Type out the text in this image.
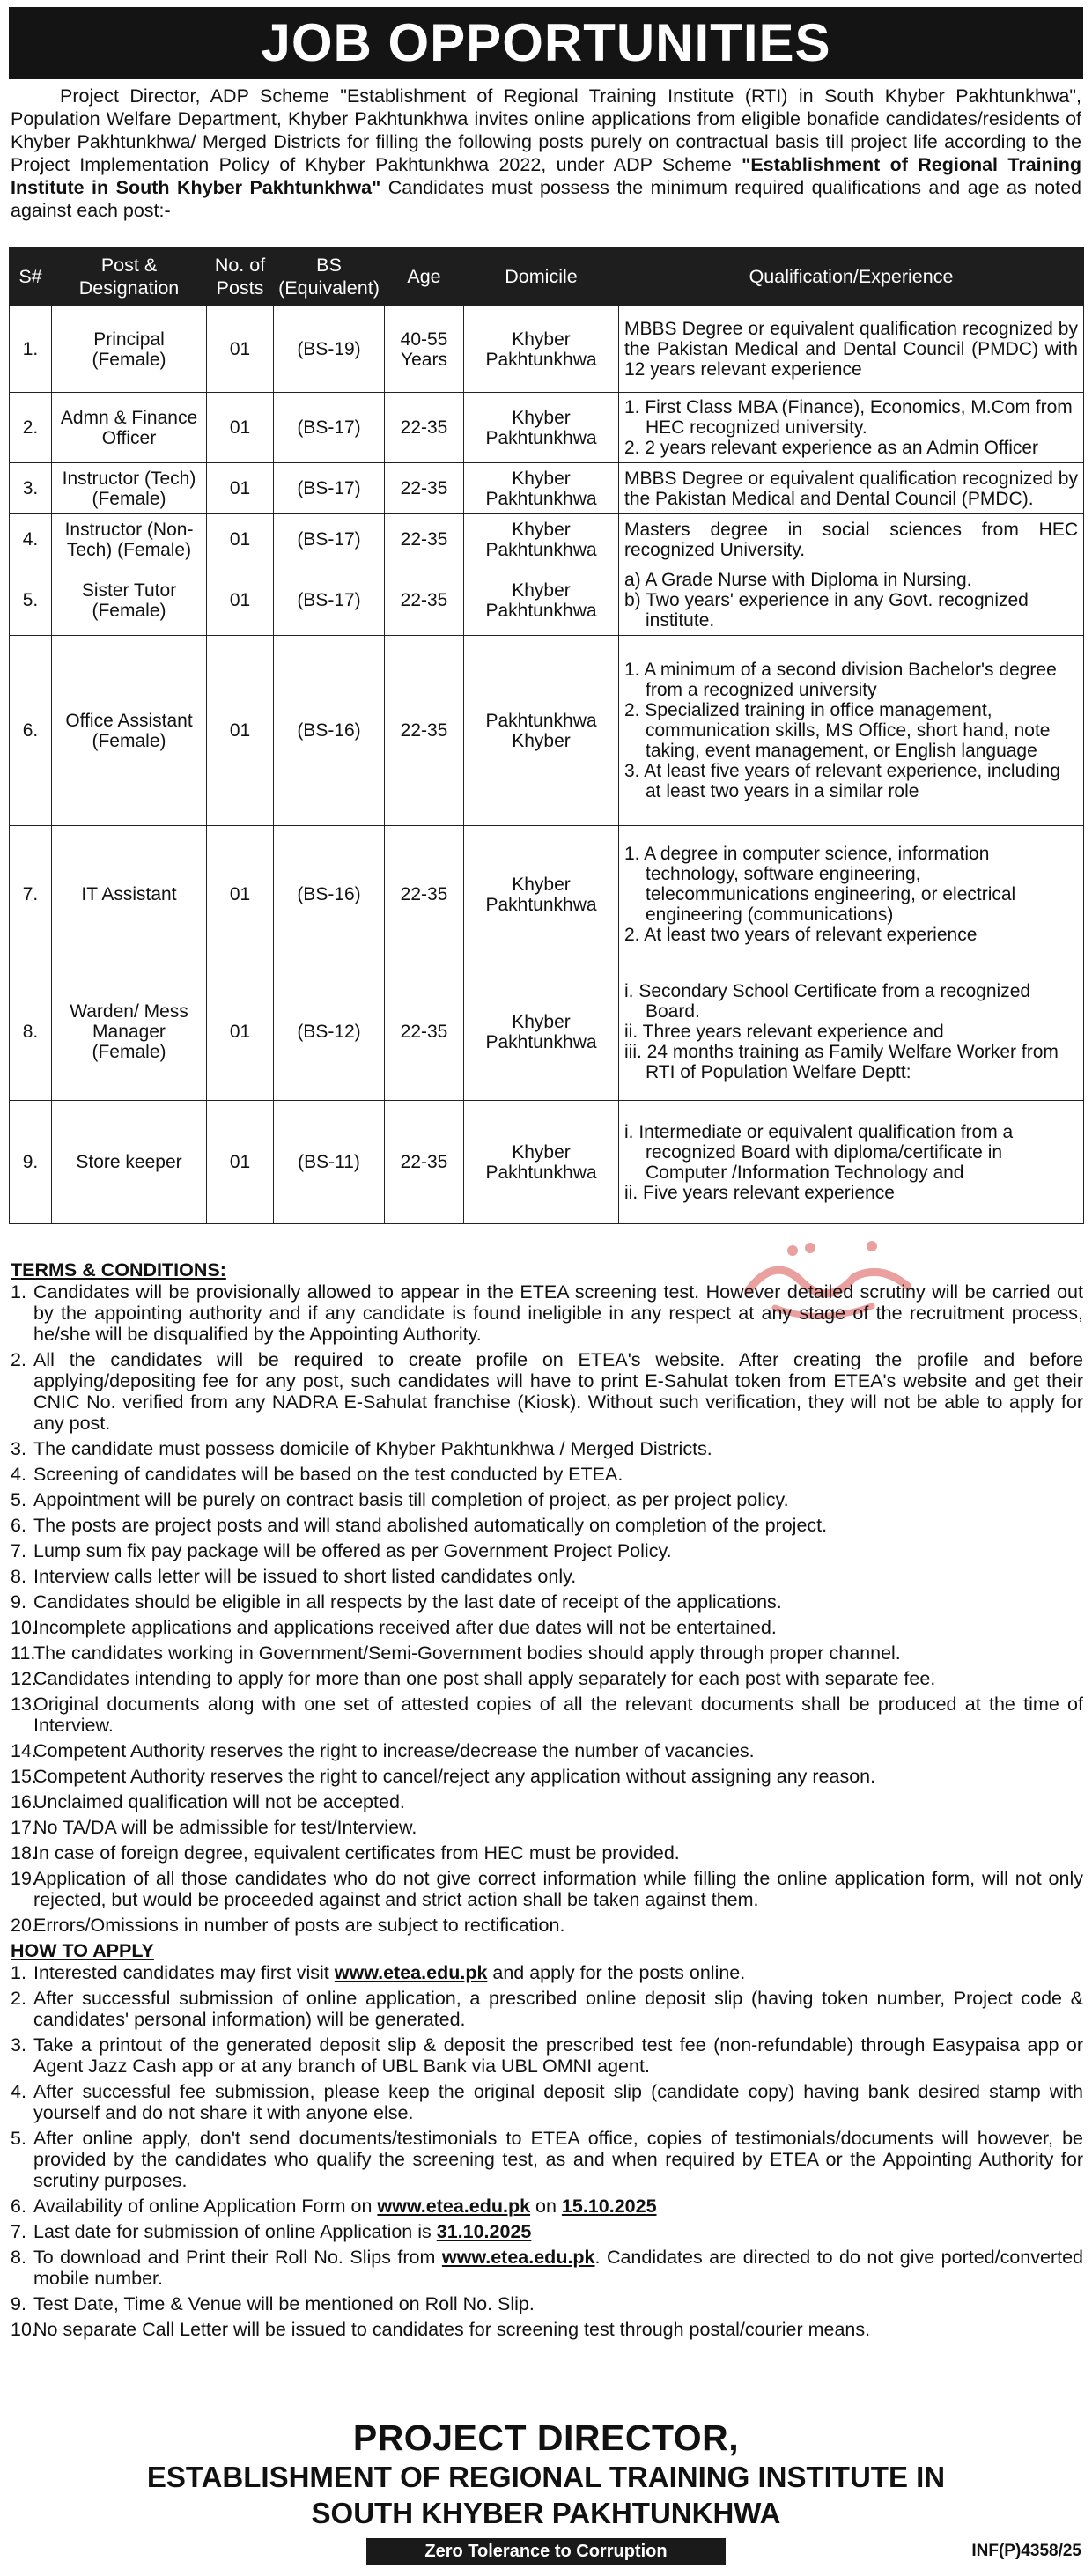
JOB OPPORTUNITIES
Project Director, ADP Scheme "Establishment of Regional Training Institute (RTI) in South Khyber Pakhtunkhwa", Population Welfare Department, Khyber Pakhtunkhwa invites online applications from eligible bonafide candidates/residents of Khyber Pakhtunkhwa/ Merged Districts for filling the following posts purely on contractual basis till project life according to the Project Implementation Policy of Khyber Pakhtunkhwa 2022, under ADP Scheme "Establishment of Regional Training Institute in South Khyber Pakhtunkhwa" Candidates must possess the minimum required qualifications and age as noted against each post:-
S#	Post & Designation	No. of Posts	BS (Equivalent)	Age	Domicile	Qualification/Experience
1.	Principal (Female)	01	(BS-19)	40-55 Years	Khyber Pakhtunkhwa	MBBS Degree or equivalent qualification recognized by the Pakistan Medical and Dental Council (PMDC) with 12 years relevant experience

2.	Admn & Finance Officer	01	(BS-17)	22-35	Khyber Pakhtunkhwa	1. First Class MBA (Finance), Economics, M.Com from HEC recognized university.
2. 2 years relevant experience as an Admin Officer

3.	Instructor (Tech) (Female)	01	(BS-17)	22-35	Khyber Pakhtunkhwa	MBBS Degree or equivalent qualification recognized by the Pakistan Medical and Dental Council (PMDC).

4.	Instructor (Non-Tech) (Female)	01	(BS-17)	22-35	Khyber Pakhtunkhwa	Masters degree in social sciences from HEC recognized University.

5.	Sister Tutor (Female)	01	(BS-17)	22-35	Khyber Pakhtunkhwa	a) A Grade Nurse with Diploma in Nursing.
b) Two years' experience in any Govt. recognized institute.

6.	Office Assistant (Female)	01	(BS-16)	22-35	Pakhtunkhwa Khyber	1. A minimum of a second division Bachelor's degree from a recognized university
2. Specialized training in office management, communication skills, MS Office, short hand, note taking, event management, or English language
3. At least five years of relevant experience, including at least two years in a similar role

7.	IT Assistant	01	(BS-16)	22-35	Khyber Pakhtunkhwa	1. A degree in computer science, information technology, software engineering, telecommunications engineering, or electrical engineering (communications)
2. At least two years of relevant experience

8.	Warden/ Mess Manager (Female)	01	(BS-12)	22-35	Khyber Pakhtunkhwa	i. Secondary School Certificate from a recognized Board.
ii. Three years relevant experience and
iii. 24 months training as Family Welfare Worker from RTI of Population Welfare Deptt:

9.	Store keeper	01	(BS-11)	22-35	Khyber Pakhtunkhwa	i. Intermediate or equivalent qualification from a recognized Board with diploma/certificate in Computer /Information Technology and
ii. Five years relevant experience
TERMS & CONDITIONS:
1. Candidates will be provisionally allowed to appear in the ETEA screening test. However detailed scrutiny will be carried out by the appointing authority and if any candidate is found ineligible in any respect at any stage of the recruitment process, he/she will be disqualified by the Appointing Authority.
2. All the candidates will be required to create profile on ETEA's website. After creating the profile and before applying/depositing fee for any post, such candidates will have to print E-Sahulat token from ETEA's website and get their CNIC No. verified from any NADRA E-Sahulat franchise (Kiosk). Without such verification, they will not be able to apply for any post.
3. The candidate must possess domicile of Khyber Pakhtunkhwa / Merged Districts.
4. Screening of candidates will be based on the test conducted by ETEA.
5. Appointment will be purely on contract basis till completion of project, as per project policy.
6. The posts are project posts and will stand abolished automatically on completion of the project.
7. Lump sum fix pay package will be offered as per Government Project Policy.
8. Interview calls letter will be issued to short listed candidates only.
9. Candidates should be eligible in all respects by the last date of receipt of the applications.
10.Incomplete applications and applications received after due dates will not be entertained.
11.The candidates working in Government/Semi-Government bodies should apply through proper channel.
12.Candidates intending to apply for more than one post shall apply separately for each post with separate fee.
13.Original documents along with one set of attested copies of all the relevant documents shall be produced at the time of Interview.
14.Competent Authority reserves the right to increase/decrease the number of vacancies.
15.Competent Authority reserves the right to cancel/reject any application without assigning any reason.
16.Unclaimed qualification will not be accepted.
17.No TA/DA will be admissible for test/Interview.
18.In case of foreign degree, equivalent certificates from HEC must be provided.
19.Application of all those candidates who do not give correct information while filling the online application form, will not only rejected, but would be proceeded against and strict action shall be taken against them.
20.Errors/Omissions in number of posts are subject to rectification.
HOW TO APPLY
1. Interested candidates may first visit www.etea.edu.pk and apply for the posts online.
2. After successful submission of online application, a prescribed online deposit slip (having token number, Project code & candidates' personal information) will be generated.
3. Take a printout of the generated deposit slip & deposit the prescribed test fee (non-refundable) through Easypaisa app or Agent Jazz Cash app or at any branch of UBL Bank via UBL OMNI agent.
4. After successful fee submission, please keep the original deposit slip (candidate copy) having bank desired stamp with yourself and do not share it with anyone else.
5. After online apply, don't send documents/testimonials to ETEA office, copies of testimonials/documents will however, be provided by the candidates who qualify the screening test, as and when required by ETEA or the Appointing Authority for scrutiny purposes.
6. Availability of online Application Form on www.etea.edu.pk on 15.10.2025
7. Last date for submission of online Application is 31.10.2025
8. To download and Print their Roll No. Slips from www.etea.edu.pk. Candidates are directed to do not give ported/converted mobile number.
9. Test Date, Time & Venue will be mentioned on Roll No. Slip.
10.No separate Call Letter will be issued to candidates for screening test through postal/courier means.
PROJECT DIRECTOR,
ESTABLISHMENT OF REGIONAL TRAINING INSTITUTE IN
SOUTH KHYBER PAKHTUNKHWA
Zero Tolerance to Corruption	INF(P)4358/25
